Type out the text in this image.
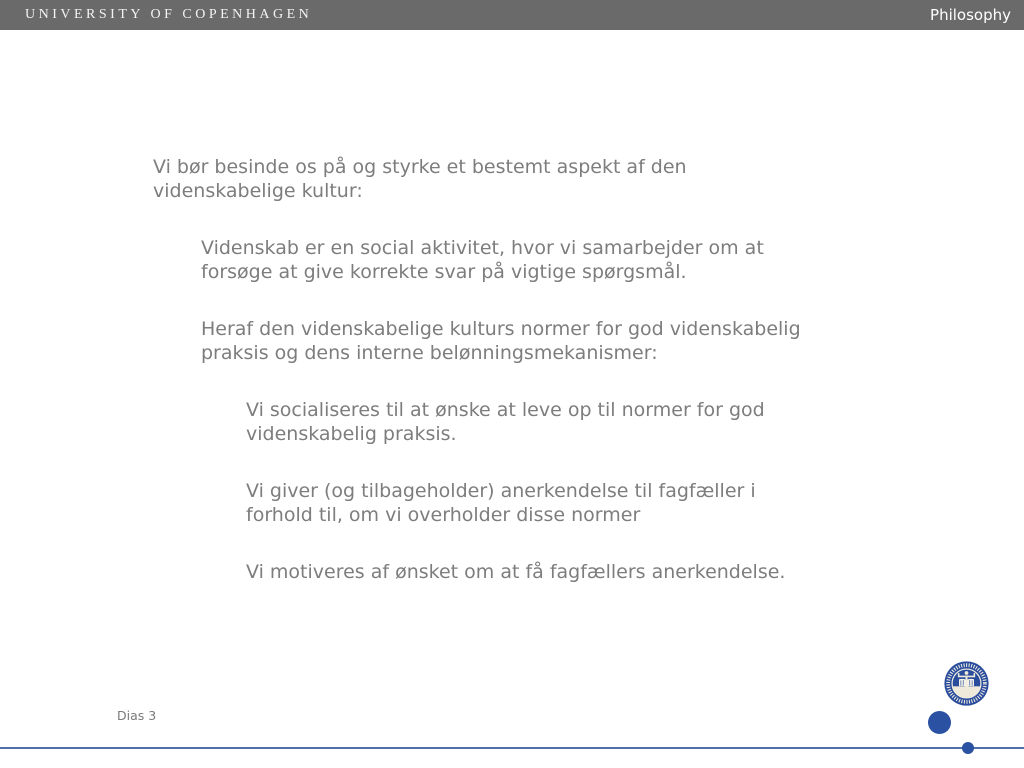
UNIVERSITY OF COPENHAGEN	Philosophy

Vi bør besinde os på og styrke et bestemt aspekt af den
videnskabelige kultur:

Videnskab er en social aktivitet, hvor vi samarbejder om at
forsøge at give korrekte svar på vigtige spørgsmål.

Heraf den videnskabelige kulturs normer for god videnskabelig
praksis og dens interne belønningsmekanismer:

Vi socialiseres til at ønske at leve op til normer for god
videnskabelig praksis.

Vi giver (og tilbageholder) anerkendelse til fagfæller i
forhold til, om vi overholder disse normer

Vi motiveres af ønsket om at få fagfællers anerkendelse.

Dias 3
